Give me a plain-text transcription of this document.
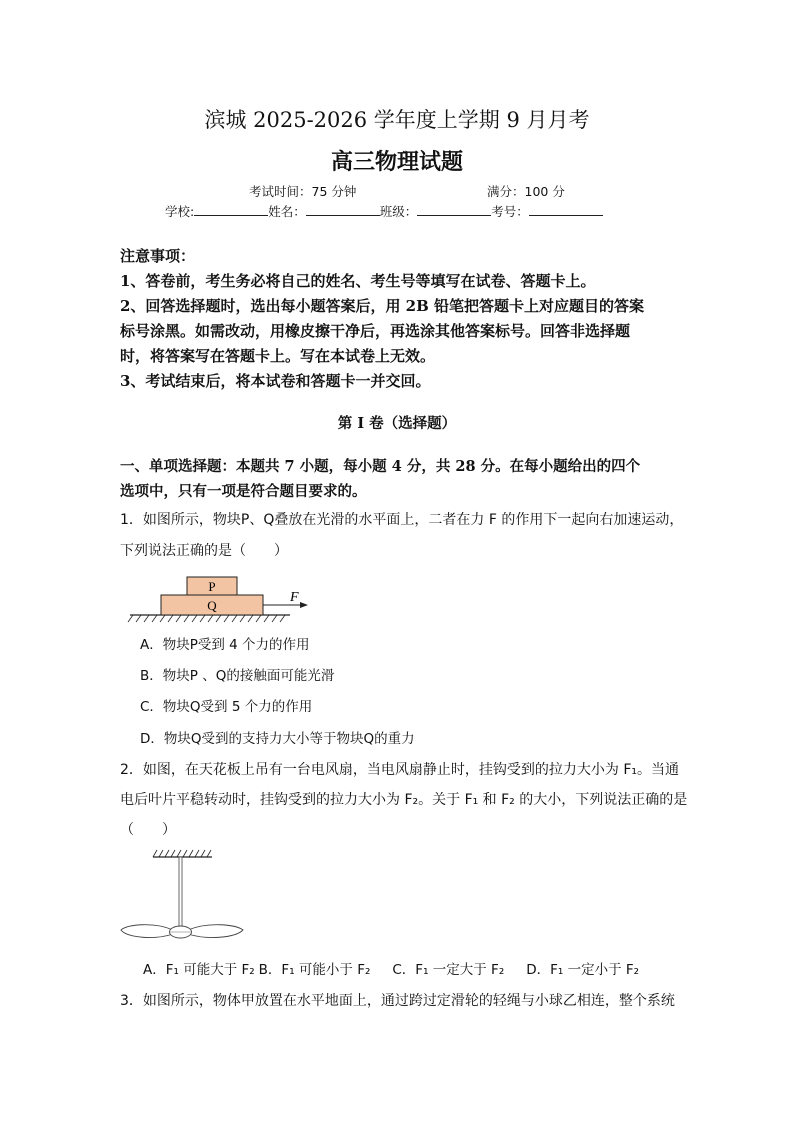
滨城 2025-2026 学年度上学期 9 月月考
高三物理试题
考试时间：75 分钟	满分：100 分
学校:	姓名：	班级：	考号：
注意事项：
1、答卷前，考生务必将自己的姓名、考生号等填写在试卷、答题卡上。
2、回答选择题时，选出每小题答案后，用 2B 铅笔把答题卡上对应题目的答案
标号涂黑。如需改动，用橡皮擦干净后，再选涂其他答案标号。回答非选择题
时，将答案写在答题卡上。写在本试卷上无效。
3、考试结束后，将本试卷和答题卡一并交回。
第 I 卷（选择题）
一、单项选择题：本题共 7 小题，每小题 4 分，共 28 分。在每小题给出的四个
选项中，只有一项是符合题目要求的。
1．如图所示，物块P、Q叠放在光滑的水平面上，二者在力 F 的作用下一起向右加速运动，
下列说法正确的是（　　）
P
Q
F
A．物块P受到 4 个力的作用
B．物块P 、Q的接触面可能光滑
C．物块Q受到 5 个力的作用
D．物块Q受到的支持力大小等于物块Q的重力
2．如图，在天花板上吊有一台电风扇，当电风扇静止时，挂钩受到的拉力大小为 F₁。当通
电后叶片平稳转动时，挂钩受到的拉力大小为 F₂。关于 F₁ 和 F₂ 的大小，下列说法正确的是
（　　）
A．F₁ 可能大于 F₂ B．F₁ 可能小于 F₂ C．F₁ 一定大于 F₂ D．F₁ 一定小于 F₂
3．如图所示，物体甲放置在水平地面上，通过跨过定滑轮的轻绳与小球乙相连，整个系统
